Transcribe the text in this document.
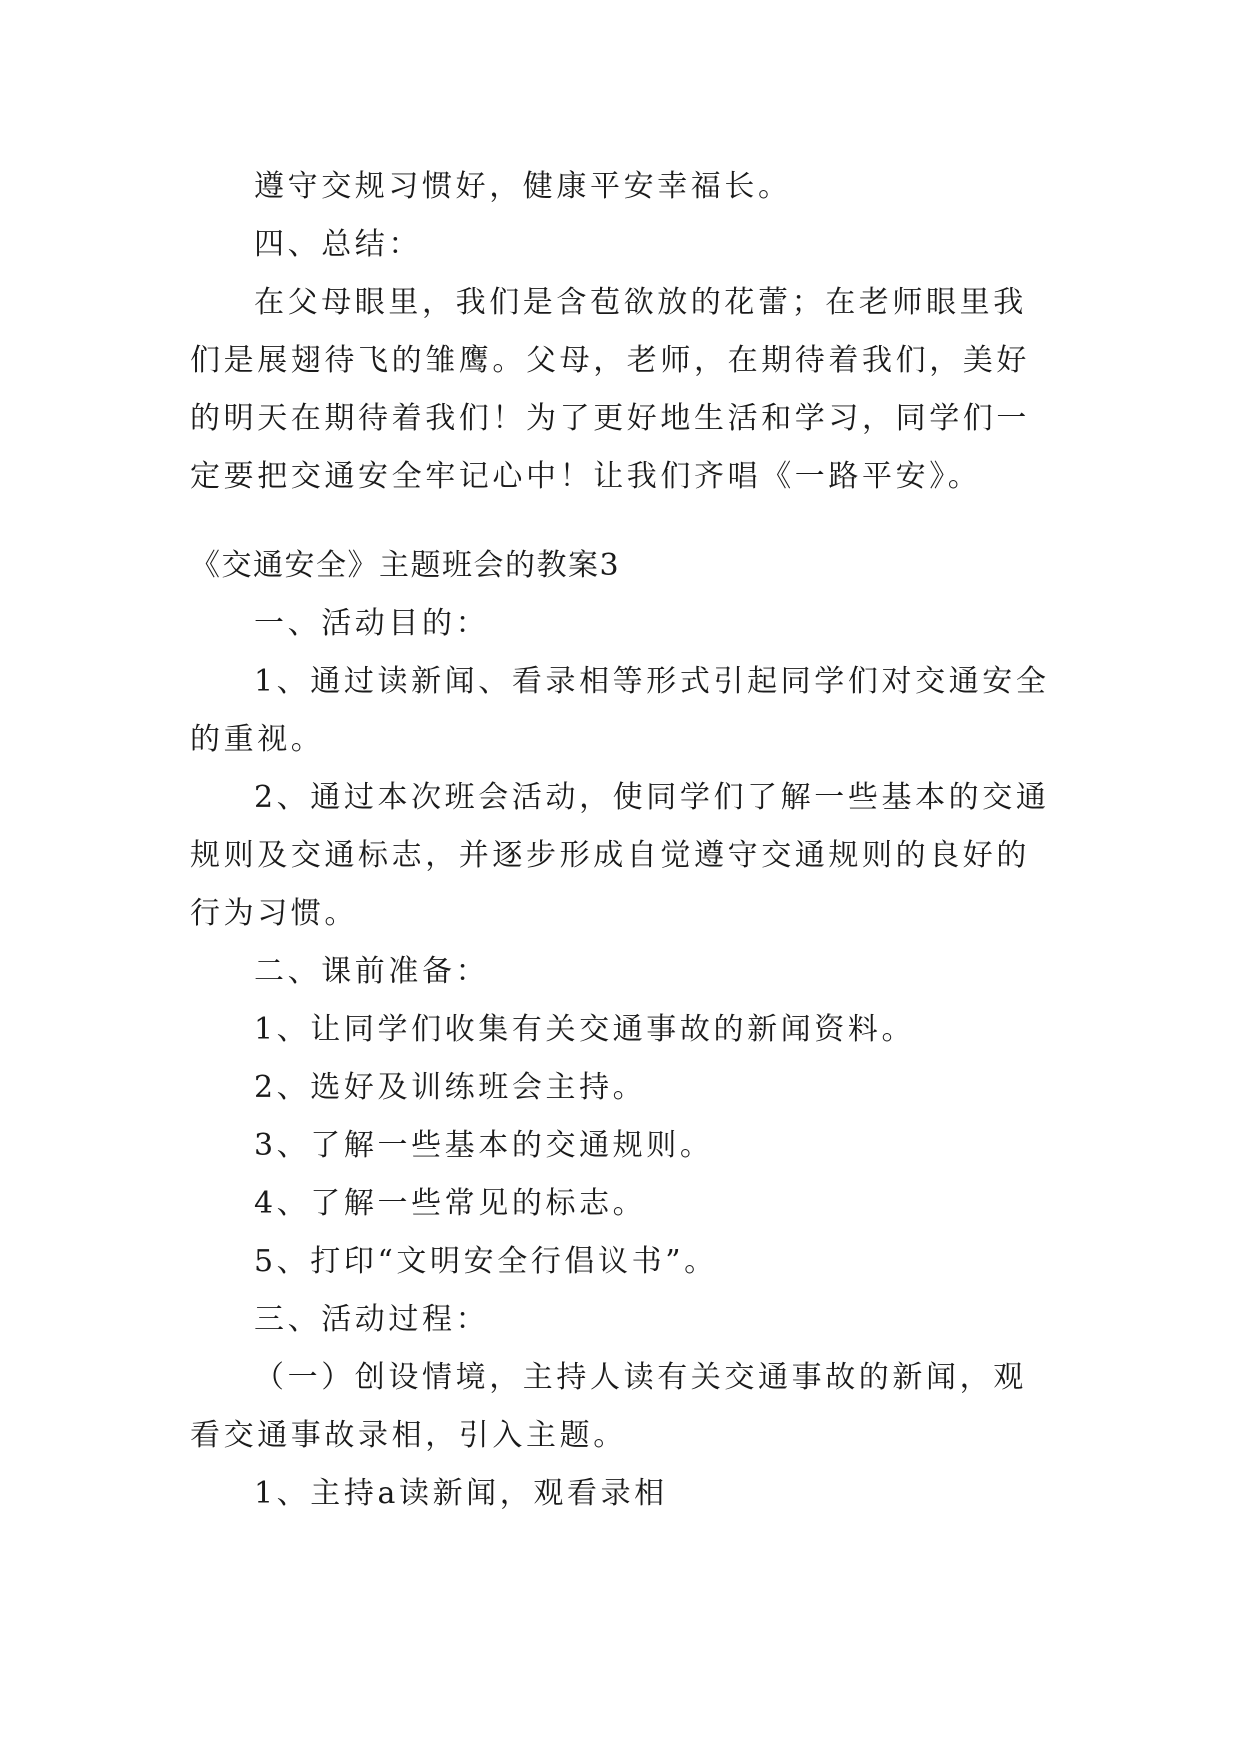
遵守交规习惯好，健康平安幸福长。

四、总结：

在父母眼里，我们是含苞欲放的花蕾；在老师眼里我们是展翅待飞的雏鹰。父母，老师，在期待着我们，美好的明天在期待着我们！为了更好地生活和学习，同学们一定要把交通安全牢记心中！让我们齐唱《一路平安》。

《交通安全》主题班会的教案3

一、活动目的：

1、通过读新闻、看录相等形式引起同学们对交通安全的重视。

2、通过本次班会活动，使同学们了解一些基本的交通规则及交通标志，并逐步形成自觉遵守交通规则的良好的行为习惯。

二、课前准备：

1、让同学们收集有关交通事故的新闻资料。

2、选好及训练班会主持。

3、了解一些基本的交通规则。

4、了解一些常见的标志。

5、打印“文明安全行倡议书”。

三、活动过程：

（一）创设情境，主持人读有关交通事故的新闻，观看交通事故录相，引入主题。

1、主持a读新闻，观看录相
